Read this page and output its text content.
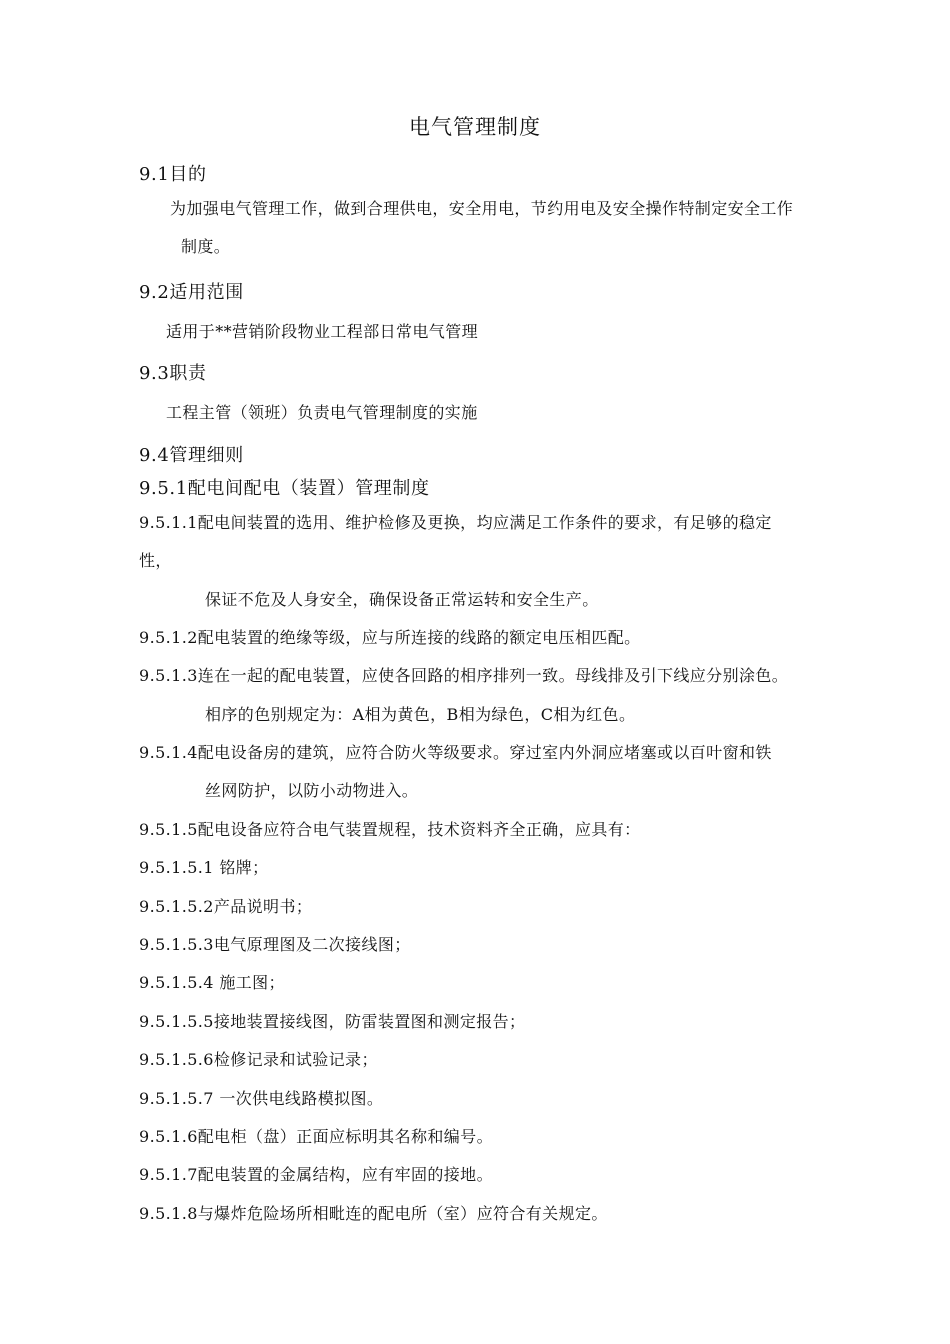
电气管理制度
9.1目的
为加强电气管理工作，做到合理供电，安全用电，节约用电及安全操作特制定安全工作
制度。
9.2适用范围
适用于**营销阶段物业工程部日常电气管理
9.3职责
工程主管（领班）负责电气管理制度的实施
9.4管理细则
9.5.1配电间配电（装置）管理制度
9.5.1.1配电间装置的选用、维护检修及更换，均应满足工作条件的要求，有足够的稳定
性，
保证不危及人身安全，确保设备正常运转和安全生产。
9.5.1.2配电装置的绝缘等级，应与所连接的线路的额定电压相匹配。
9.5.1.3连在一起的配电装置，应使各回路的相序排列一致。母线排及引下线应分别涂色。
相序的色别规定为：A相为黄色，B相为绿色，C相为红色。
9.5.1.4配电设备房的建筑，应符合防火等级要求。穿过室内外洞应堵塞或以百叶窗和铁
丝网防护，以防小动物进入。
9.5.1.5配电设备应符合电气装置规程，技术资料齐全正确，应具有：
9.5.1.5.1 铭牌；
9.5.1.5.2产品说明书；
9.5.1.5.3电气原理图及二次接线图；
9.5.1.5.4 施工图；
9.5.1.5.5接地装置接线图，防雷装置图和测定报告；
9.5.1.5.6检修记录和试验记录；
9.5.1.5.7 一次供电线路模拟图。
9.5.1.6配电柜（盘）正面应标明其名称和编号。
9.5.1.7配电装置的金属结构，应有牢固的接地。
9.5.1.8与爆炸危险场所相毗连的配电所（室）应符合有关规定。
